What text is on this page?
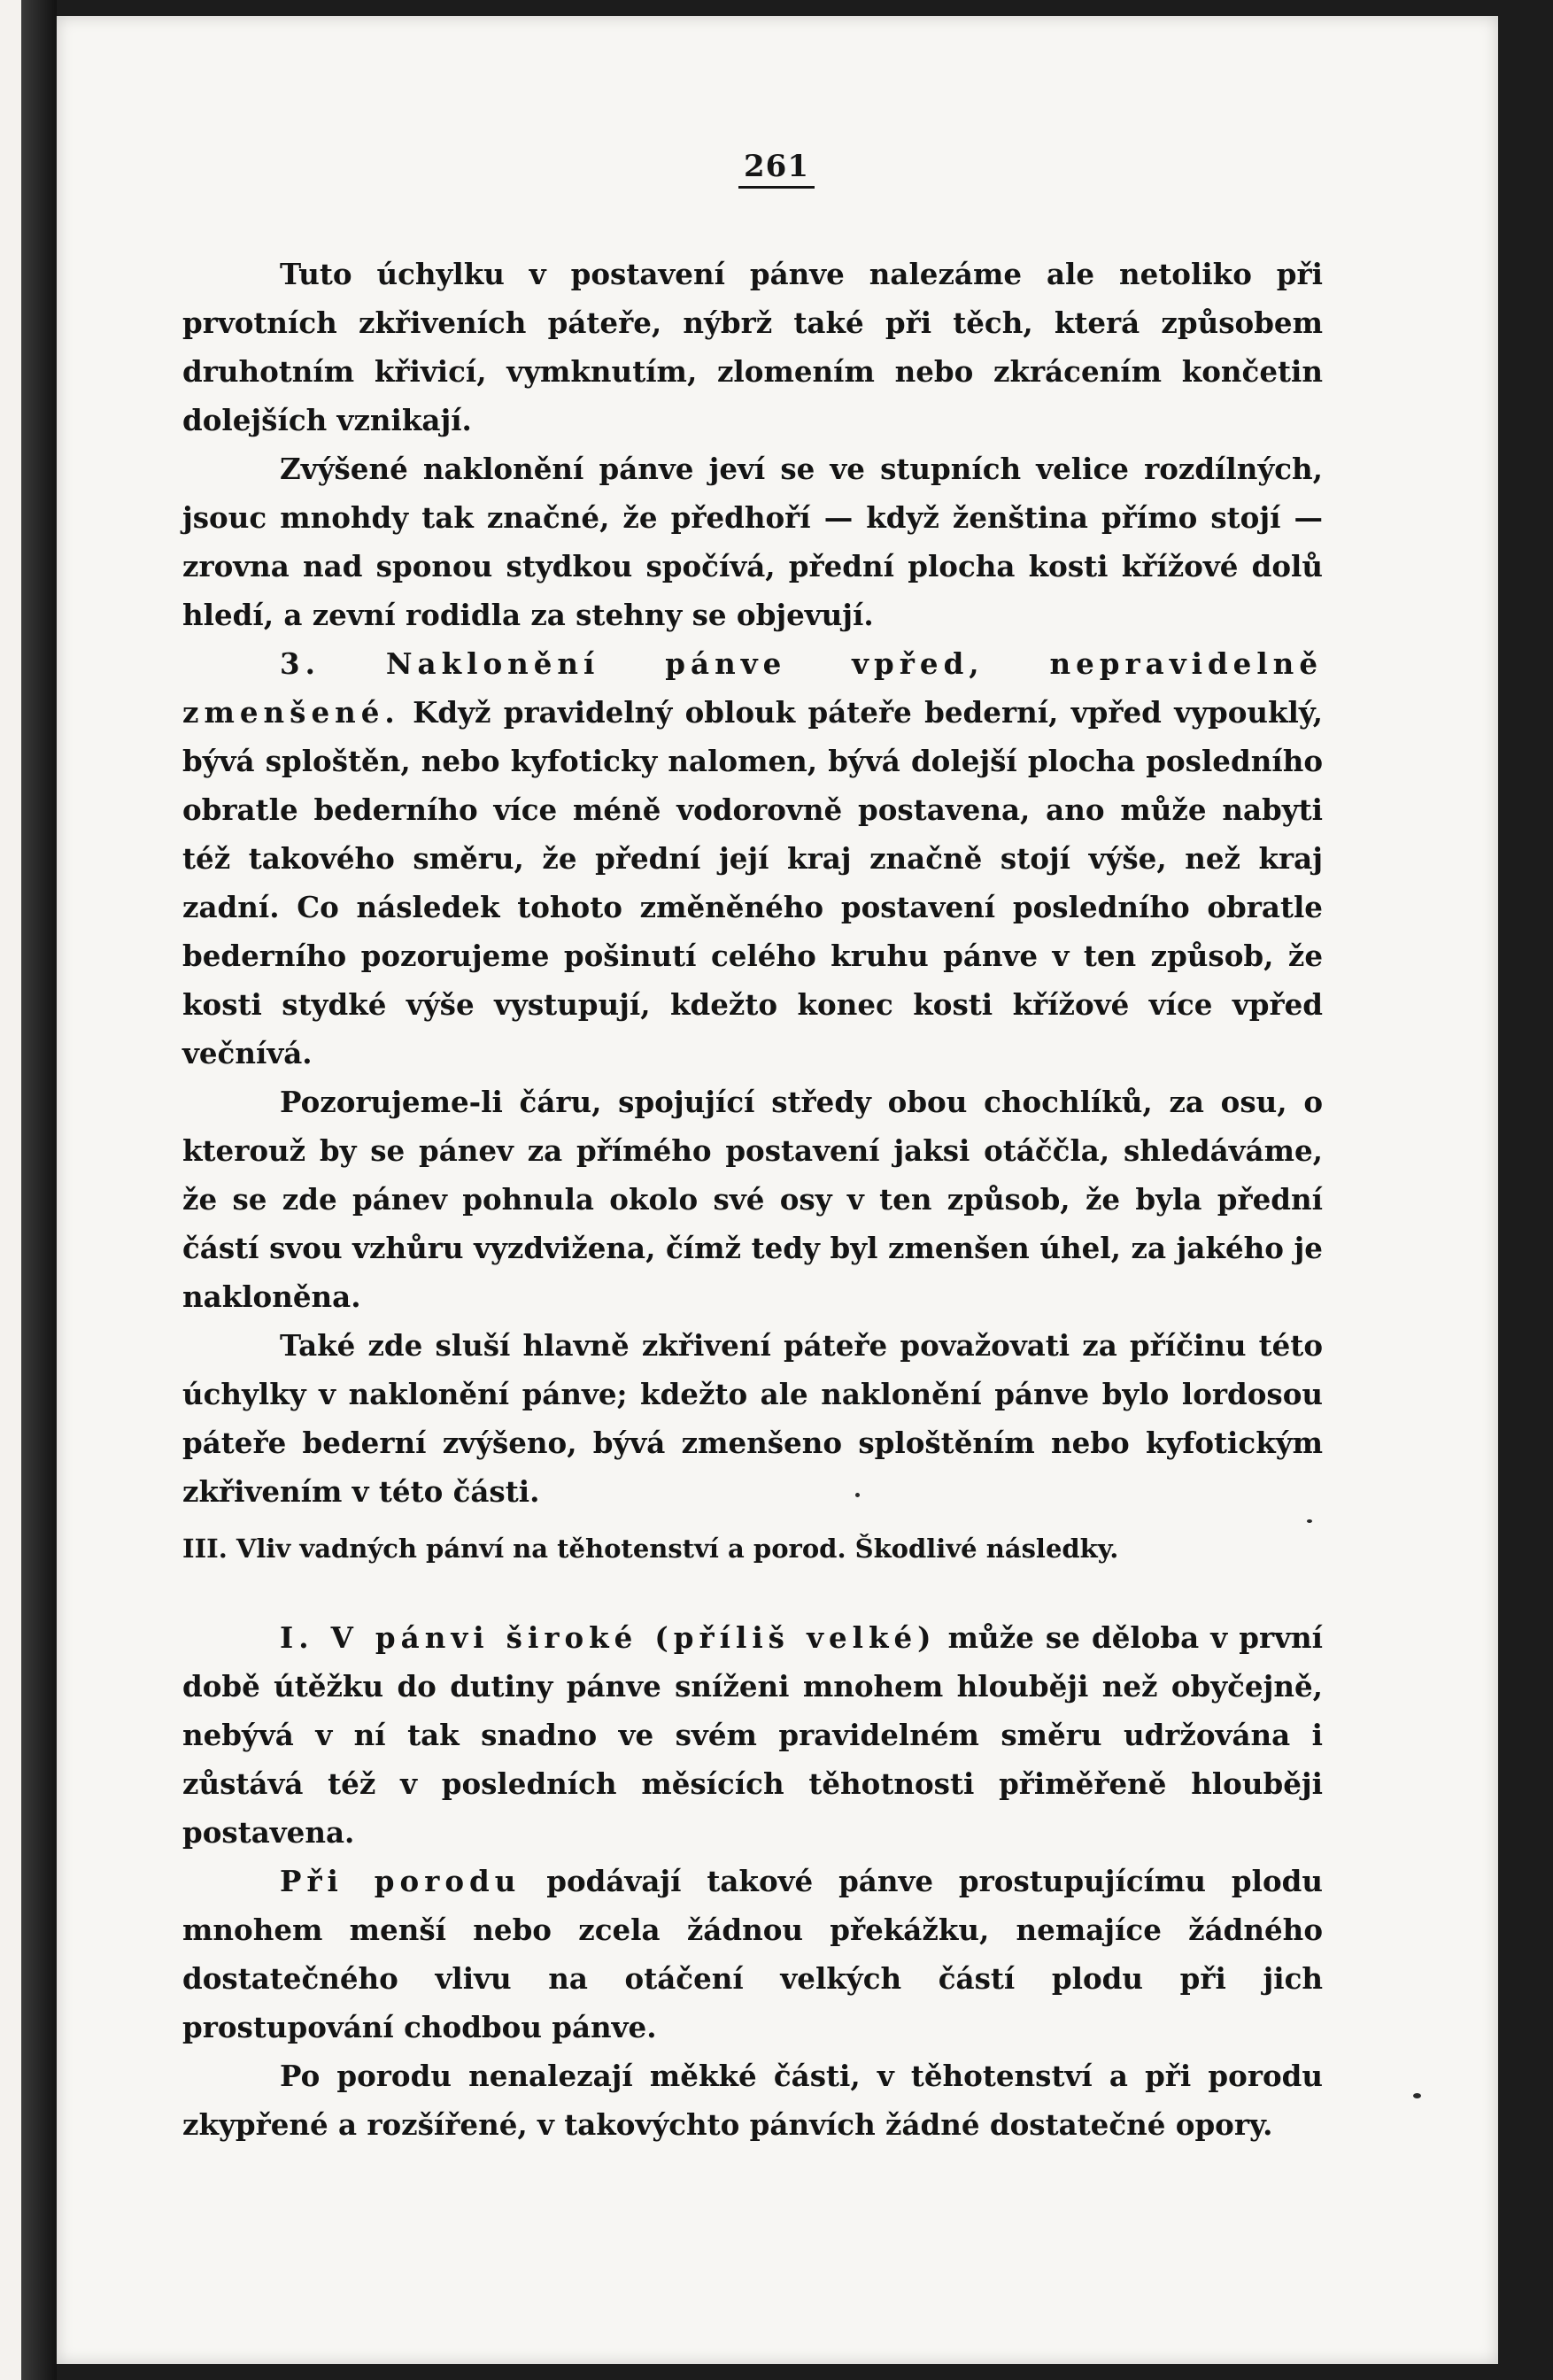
261

Tuto úchylku v postavení pánve nalezáme ale netoliko při prvotních zkřiveních páteře, nýbrž také při těch, která způsobem druhotním křivicí, vymknutím, zlomením nebo zkrácením končetin dolejších vznikají.

Zvýšené naklonění pánve jeví se ve stupních velice rozdílných, jsouc mnohdy tak značné, že předhoří — když ženština přímo stojí — zrovna nad sponou stydkou spočívá, přední plocha kosti křížové dolů hledí, a zevní rodidla za stehny se objevují.

3. Naklonění pánve vpřed, nepravidelně zmenšené. Když pravidelný oblouk páteře bederní, vpřed vypouklý, bývá sploštěn, nebo kyfoticky nalomen, bývá dolejší plocha posledního obratle bederního více méně vodorovně postavena, ano může nabyti též takového směru, že přední její kraj značně stojí výše, než kraj zadní. Co následek tohoto změněného postavení posledního obratle bederního pozorujeme pošinutí celého kruhu pánve v ten způsob, že kosti stydké výše vystupují, kdežto konec kosti křížové více vpřed večnívá.

Pozorujeme-li čáru, spojující středy obou chochlíků, za osu, o kterouž by se pánev za přímého postavení jaksi otáččla, shledáváme, že se zde pánev pohnula okolo své osy v ten způsob, že byla přední částí svou vzhůru vyzdvižena, čímž tedy byl zmenšen úhel, za jakého je nakloněna.

Také zde sluší hlavně zkřivení páteře považovati za příčinu této úchylky v naklonění pánve; kdežto ale naklonění pánve bylo lordosou páteře bederní zvýšeno, bývá zmenšeno sploštěním nebo kyfotickým zkřivením v této části.

III. Vliv vadných pánví na těhotenství a porod. Škodlivé následky.

I. V pánvi široké (příliš velké) může se děloba v první době útěžku do dutiny pánve sníženi mnohem hlouběji než obyčejně, nebývá v ní tak snadno ve svém pravidelném směru udržována i zůstává též v posledních měsících těhotnosti přiměřeně hlouběji postavena.

Při porodu podávají takové pánve prostupujícímu plodu mnohem menší nebo zcela žádnou překážku, nemajíce žádného dostatečného vlivu na otáčení velkých částí plodu při jich prostupování chodbou pánve.

Po porodu nenalezají měkké části, v těhotenství a při porodu zkypřené a rozšířené, v takovýchto pánvích žádné dostatečné opory.
